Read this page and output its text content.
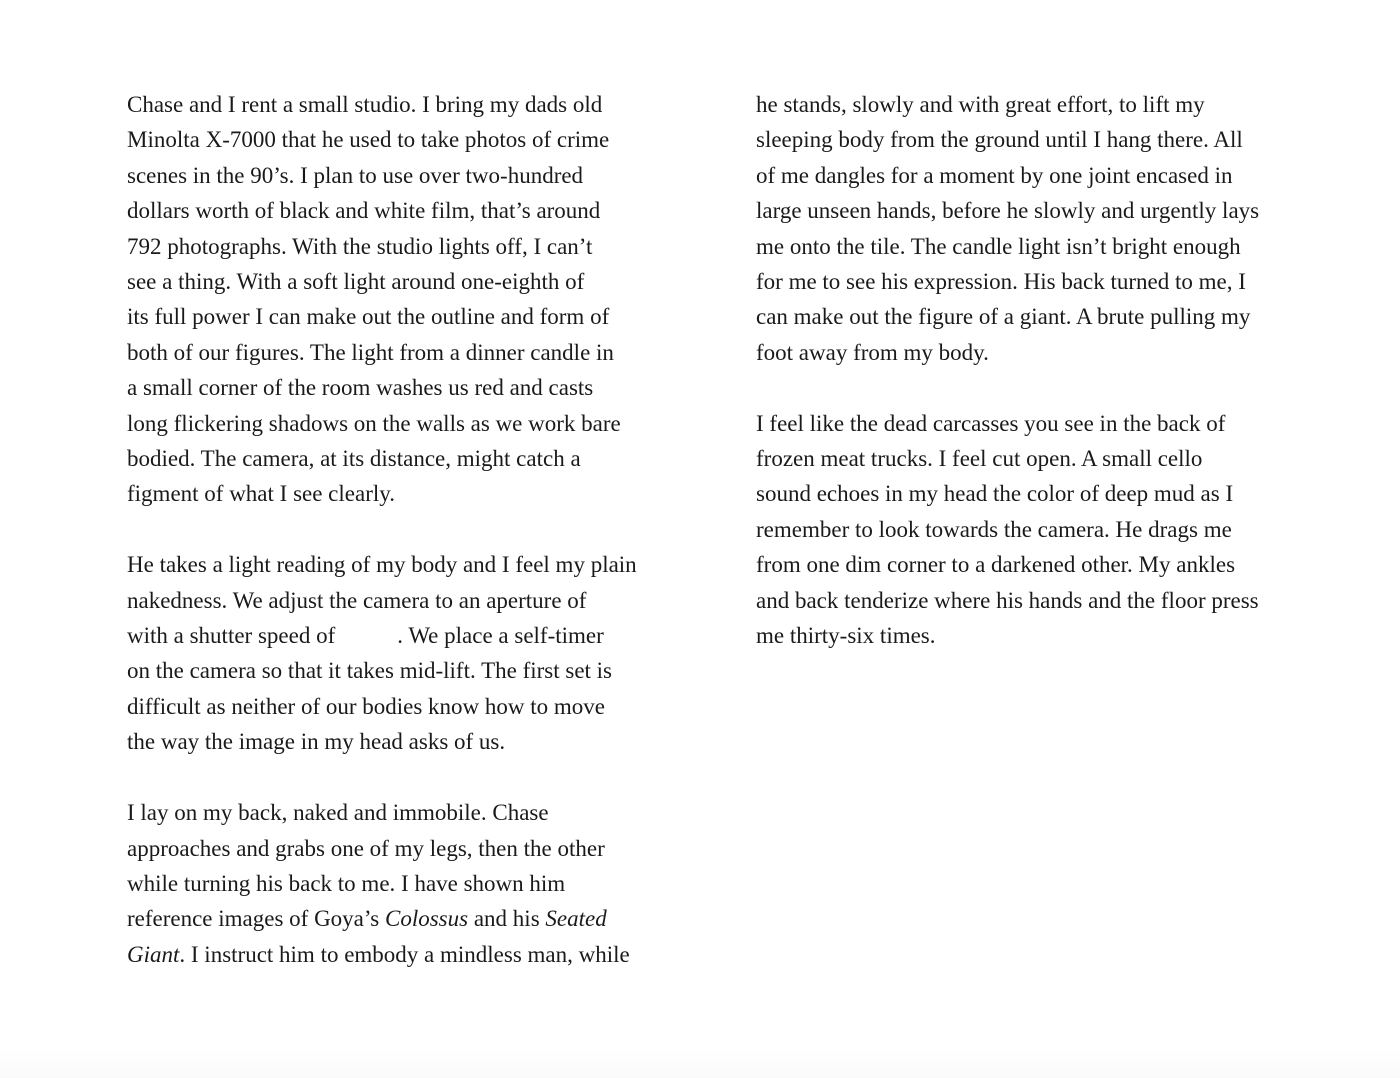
Chase and I rent a small studio. I bring my dads old
Minolta X-7000 that he used to take photos of crime
scenes in the 90’s. I plan to use over two-hundred
dollars worth of black and white film, that’s around
792 photographs. With the studio lights off, I can’t
see a thing. With a soft light around one-eighth of
its full power I can make out the outline and form of
both of our figures. The light from a dinner candle in
a small corner of the room washes us red and casts
long flickering shadows on the walls as we work bare
bodied. The camera, at its distance, might catch a
figment of what I see clearly.

He takes a light reading of my body and I feel my plain
nakedness. We adjust the camera to an aperture of
with a shutter speed of	. We place a self-timer
on the camera so that it takes mid-lift. The first set is
difficult as neither of our bodies know how to move
the way the image in my head asks of us.

I lay on my back, naked and immobile. Chase
approaches and grabs one of my legs, then the other
while turning his back to me. I have shown him
reference images of Goya’s Colossus and his Seated
Giant. I instruct him to embody a mindless man, while

he stands, slowly and with great effort, to lift my
sleeping body from the ground until I hang there. All
of me dangles for a moment by one joint encased in
large unseen hands, before he slowly and urgently lays
me onto the tile. The candle light isn’t bright enough
for me to see his expression. His back turned to me, I
can make out the figure of a giant. A brute pulling my
foot away from my body.

I feel like the dead carcasses you see in the back of
frozen meat trucks. I feel cut open. A small cello
sound echoes in my head the color of deep mud as I
remember to look towards the camera. He drags me
from one dim corner to a darkened other. My ankles
and back tenderize where his hands and the floor press
me thirty-six times.
